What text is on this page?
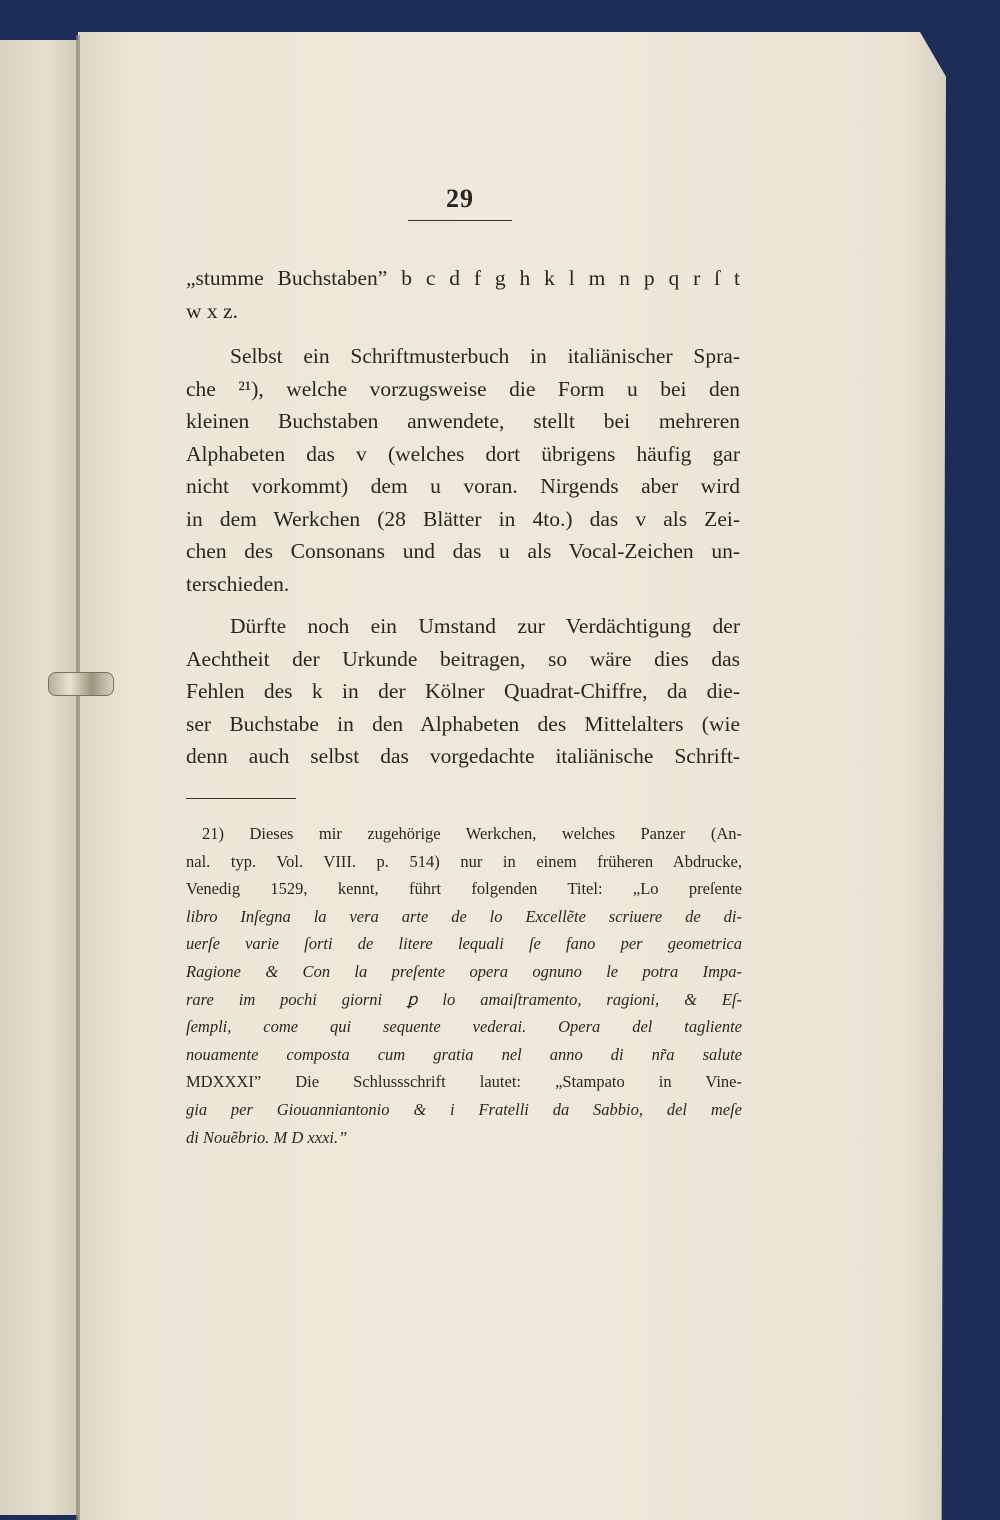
29

„stumme Buchstaben” b c d f g h k l m n p q r ſ t
w x z.

Selbst ein Schriftmusterbuch in italiänischer Spra-
che ²¹), welche vorzugsweise die Form u bei den
kleinen Buchstaben anwendete, stellt bei mehreren
Alphabeten das v (welches dort übrigens häufig gar
nicht vorkommt) dem u voran. Nirgends aber wird
in dem Werkchen (28 Blätter in 4to.) das v als Zei-
chen des Consonans und das u als Vocal-Zeichen un-
terschieden.

Dürfte noch ein Umstand zur Verdächtigung der
Aechtheit der Urkunde beitragen, so wäre dies das
Fehlen des k in der Kölner Quadrat-Chiffre, da die-
ser Buchstabe in den Alphabeten des Mittelalters (wie
denn auch selbst das vorgedachte italiänische Schrift-

21) Dieses mir zugehörige Werkchen, welches Panzer (An-
nal. typ. Vol. VIII. p. 514) nur in einem früheren Abdrucke,
Venedig 1529, kennt, führt folgenden Titel: „Lo preſente
libro Inſegna la vera arte de lo Excellẽte scriuere de di-
uerſe varie ſorti de litere lequali ſe fano per geometrica
Ragione & Con la preſente opera ognuno le potra Impa-
rare im pochi giorni ꝑ lo amaiſtramento, ragioni, & Eſ-
ſempli, come qui sequente vederai. Opera del tagliente
nouamente composta cum gratia nel anno di nr̃a salute
MDXXXI” Die Schlussschrift lautet: „Stampato in Vine-
gia per Giouanniantonio & i Fratelli da Sabbio, del meſe
di Nouẽbrio. M D xxxi.”
